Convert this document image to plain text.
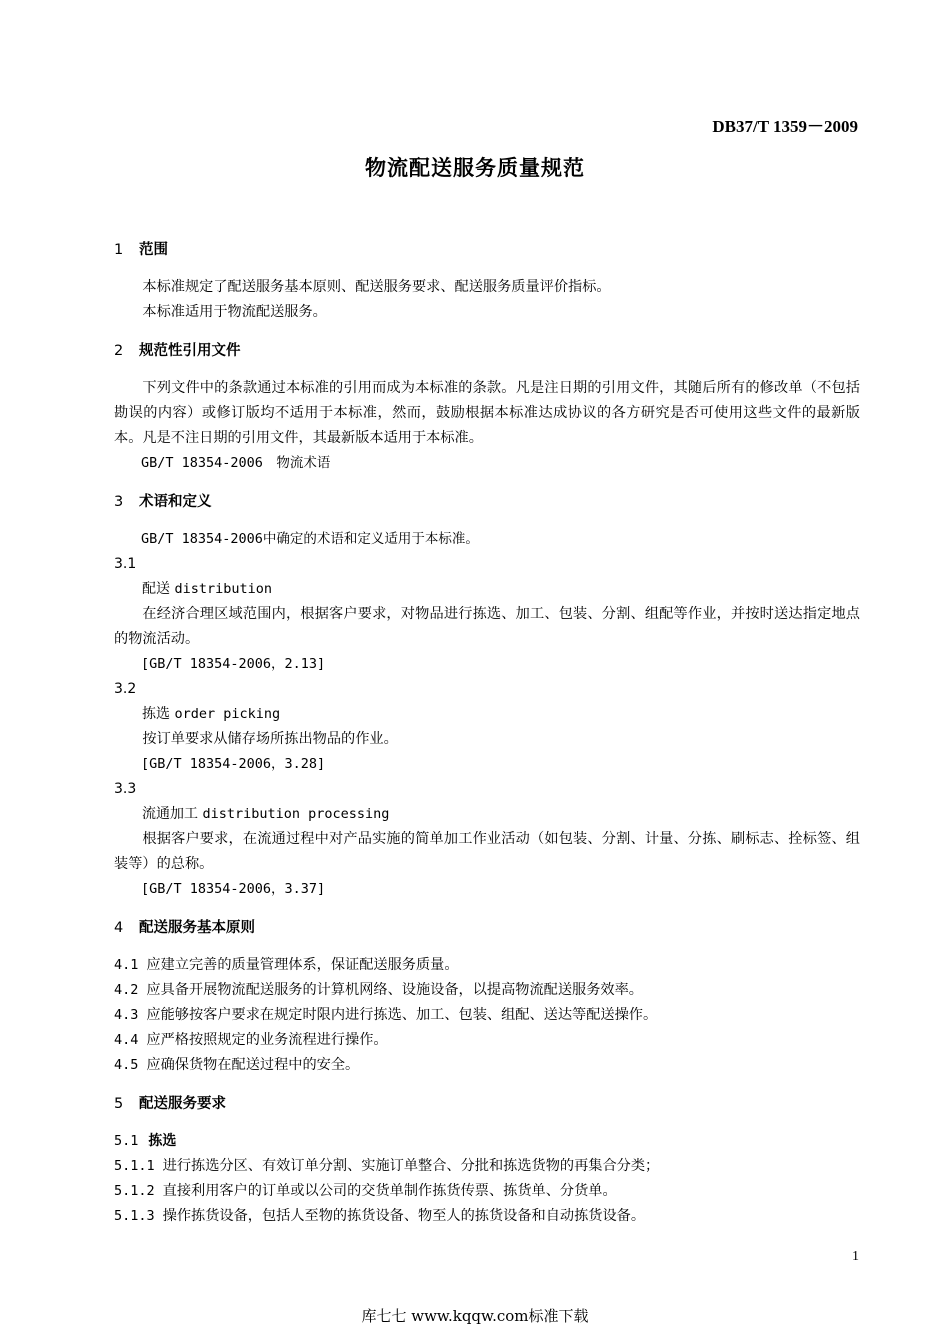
DB37/T 1359－2009
物流配送服务质量规范
1 范围

本标准规定了配送服务基本原则、配送服务要求、配送服务质量评价指标。

本标准适用于物流配送服务。

2 规范性引用文件

下列文件中的条款通过本标准的引用而成为本标准的条款。凡是注日期的引用文件，其随后所有的修改单（不包括勘误的内容）或修订版均不适用于本标准，然而，鼓励根据本标准达成协议的各方研究是否可使用这些文件的最新版本。凡是不注日期的引用文件，其最新版本适用于本标准。

GB/T 18354-2006　物流术语

3 术语和定义

GB/T 18354-2006中确定的术语和定义适用于本标准。

3.1

配送 distribution

在经济合理区域范围内，根据客户要求，对物品进行拣选、加工、包装、分割、组配等作业，并按时送达指定地点的物流活动。

[GB/T 18354-2006，2.13]

3.2

拣选 order picking

按订单要求从储存场所拣出物品的作业。

[GB/T 18354-2006，3.28]

3.3

流通加工 distribution processing

根据客户要求，在流通过程中对产品实施的简单加工作业活动（如包装、分割、计量、分拣、刷标志、拴标签、组装等）的总称。

[GB/T 18354-2006，3.37]

4 配送服务基本原则

4.1 应建立完善的质量管理体系，保证配送服务质量。

4.2 应具备开展物流配送服务的计算机网络、设施设备，以提高物流配送服务效率。

4.3 应能够按客户要求在规定时限内进行拣选、加工、包装、组配、送达等配送操作。

4.4 应严格按照规定的业务流程进行操作。

4.5 应确保货物在配送过程中的安全。

5 配送服务要求

5.1 拣选

5.1.1 进行拣选分区、有效订单分割、实施订单整合、分批和拣选货物的再集合分类；

5.1.2 直接利用客户的订单或以公司的交货单制作拣货传票、拣货单、分货单。

5.1.3 操作拣货设备，包括人至物的拣货设备、物至人的拣货设备和自动拣货设备。

1
库七七 www.kqqw.com标准下载
